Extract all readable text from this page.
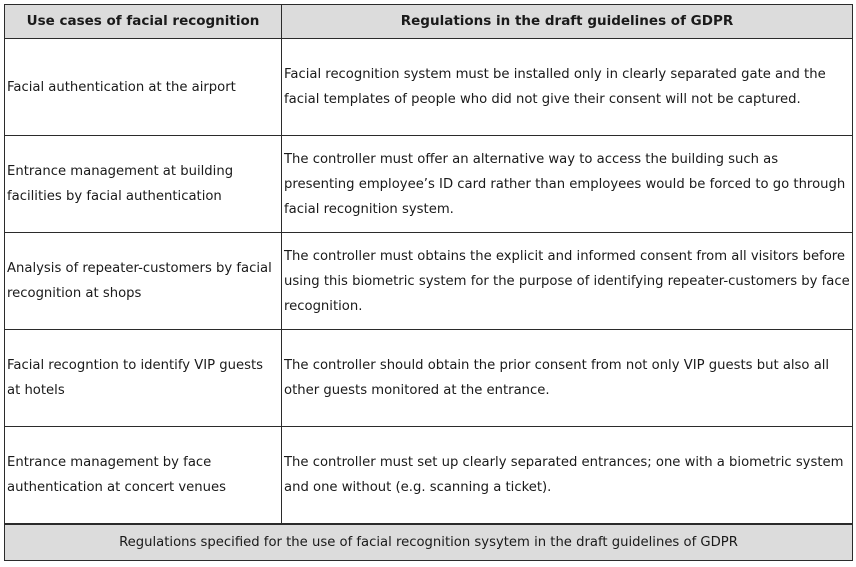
Use cases of facial recognition	Regulations in the draft guidelines of GDPR
Facial authentication at the airport	Facial recognition system must be installed only in clearly separated gate and the facial templates of people who did not give their consent will not be captured.
Entrance management at building facilities by facial authentication	The controller must offer an alternative way to access the building such as presenting employee’s ID card rather than employees would be forced to go through facial recognition system.
Analysis of repeater-customers by facial recognition at shops	The controller must obtains the explicit and informed consent from all visitors before using this biometric system for the purpose of identifying repeater-customers by face recognition.
Facial recogntion to identify VIP guests at hotels	The controller should obtain the prior consent from not only VIP guests but also all other guests monitored at the entrance.
Entrance management by face authentication at concert venues	The controller must set up clearly separated entrances; one with a biometric system and one without (e.g. scanning a ticket).
Regulations specified for the use of facial recognition sysytem in the draft guidelines of GDPR	
